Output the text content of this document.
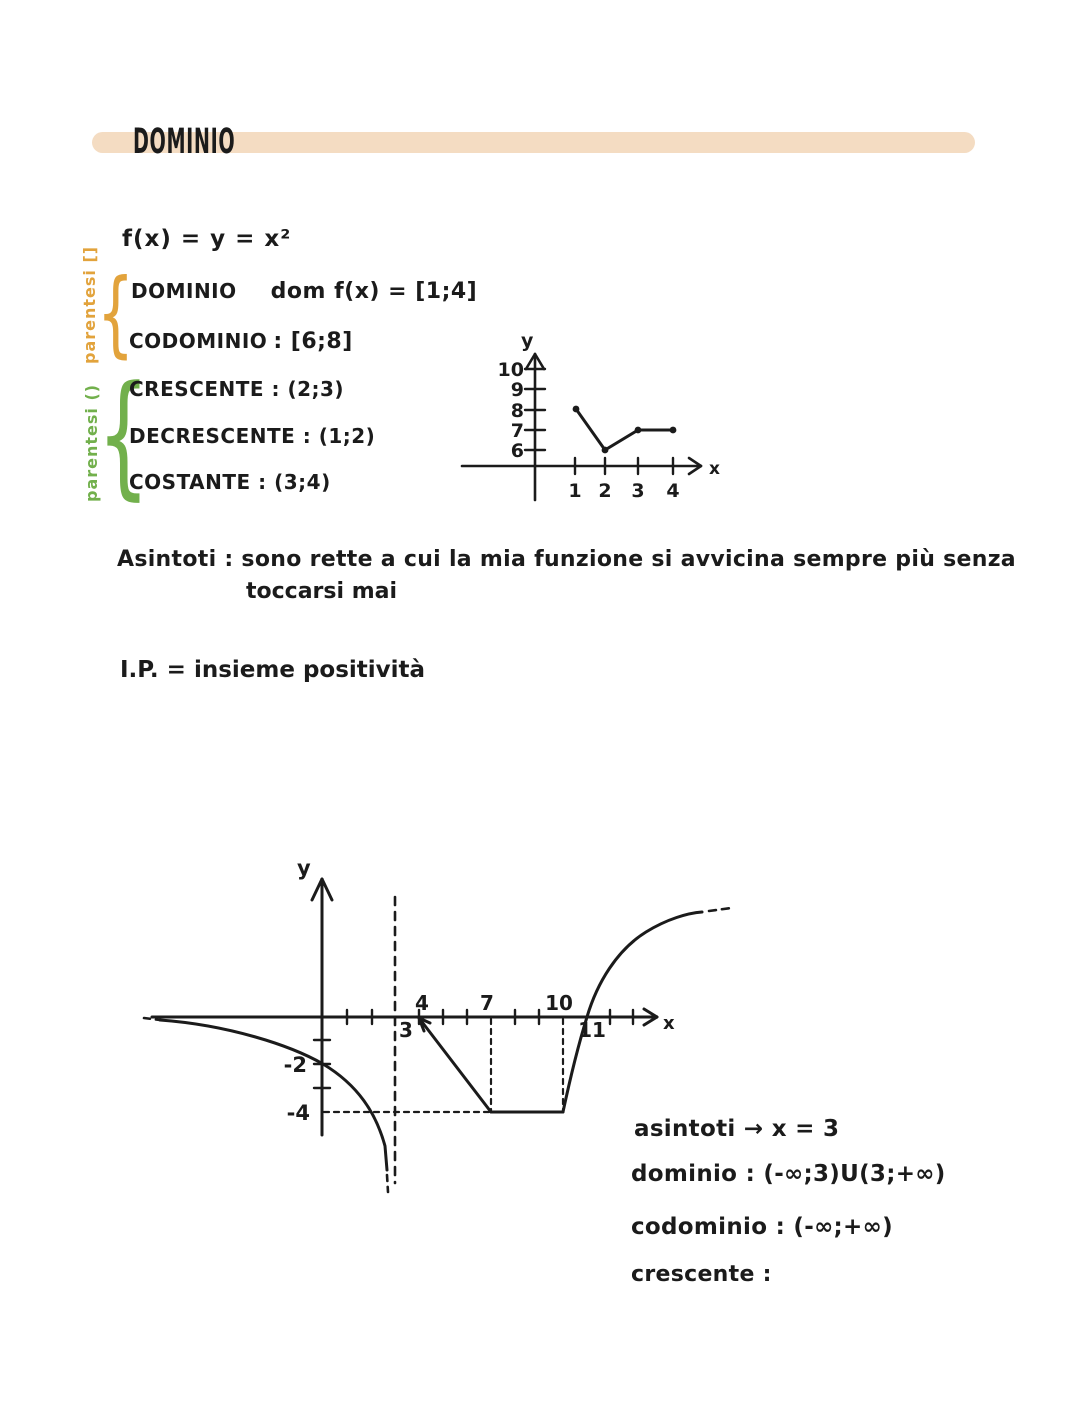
DOMINIO
f(x) = y = x²
parentesi []
{
DOMINIO dom f(x) = [1;4]
CODOMINIO : [6;8]
parentesi ()
{
CRESCENTE : (2;3)
DECRESCENTE : (1;2)
COSTANTE : (3;4)
y
x
10
9
8
7
6
1 2 3 4
Asintoti : sono rette a cui la mia funzione si avvicina sempre più senza
toccarsi mai
I.P. = insieme positività
y
x
3
4	7	10
11
-2
-4
asintoti → x = 3
dominio : (-∞;3)U(3;+∞)
codominio : (-∞;+∞)
crescente :
